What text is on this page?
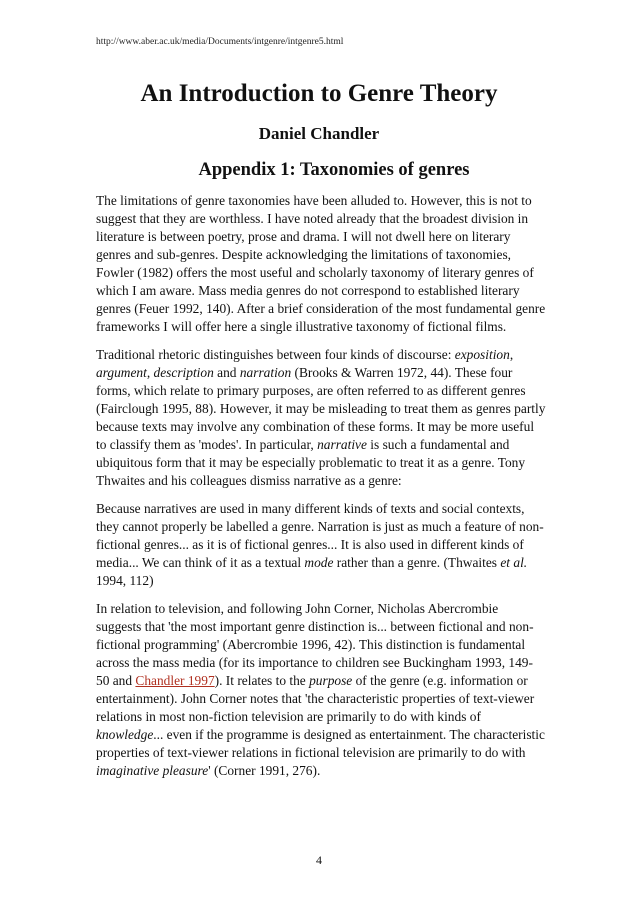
http://www.aber.ac.uk/media/Documents/intgenre/intgenre5.html
An Introduction to Genre Theory
Daniel Chandler
Appendix 1: Taxonomies of genres

The limitations of genre taxonomies have been alluded to. However, this is not to suggest that they are worthless. I have noted already that the broadest division in literature is between poetry, prose and drama. I will not dwell here on literary genres and sub-genres. Despite acknowledging the limitations of taxonomies, Fowler (1982) offers the most useful and scholarly taxonomy of literary genres of which I am aware. Mass media genres do not correspond to established literary genres (Feuer 1992, 140). After a brief consideration of the most fundamental genre frameworks I will offer here a single illustrative taxonomy of fictional films.

Traditional rhetoric distinguishes between four kinds of discourse: exposition, argument, description and narration (Brooks & Warren 1972, 44). These four forms, which relate to primary purposes, are often referred to as different genres (Fairclough 1995, 88). However, it may be misleading to treat them as genres partly because texts may involve any combination of these forms. It may be more useful to classify them as 'modes'. In particular, narrative is such a fundamental and ubiquitous form that it may be especially problematic to treat it as a genre. Tony Thwaites and his colleagues dismiss narrative as a genre:

Because narratives are used in many different kinds of texts and social contexts, they cannot properly be labelled a genre. Narration is just as much a feature of non-fictional genres... as it is of fictional genres... It is also used in different kinds of media... We can think of it as a textual mode rather than a genre. (Thwaites et al. 1994, 112)

In relation to television, and following John Corner, Nicholas Abercrombie suggests that 'the most important genre distinction is... between fictional and non-fictional programming' (Abercrombie 1996, 42). This distinction is fundamental across the mass media (for its importance to children see Buckingham 1993, 149-50 and Chandler 1997). It relates to the purpose of the genre (e.g. information or entertainment). John Corner notes that 'the characteristic properties of text-viewer relations in most non-fiction television are primarily to do with kinds of knowledge... even if the programme is designed as entertainment. The characteristic properties of text-viewer relations in fictional television are primarily to do with imaginative pleasure' (Corner 1991, 276).

4
